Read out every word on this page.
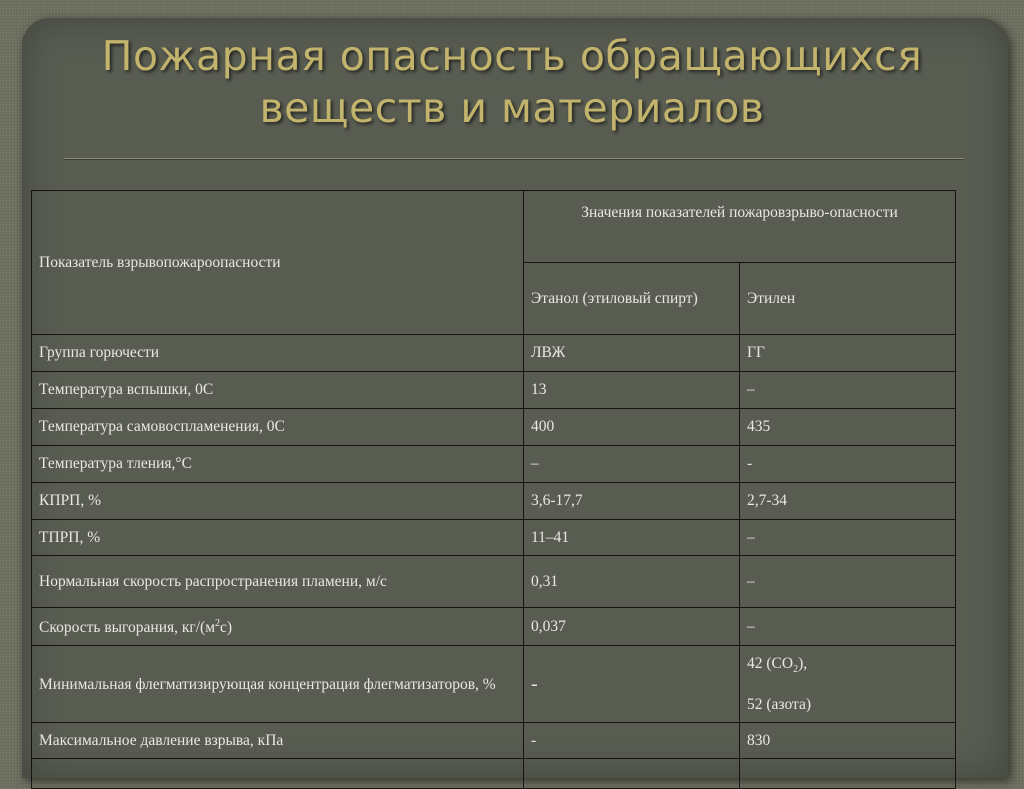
Пожарная опасность обращающихся
веществ и материалов
Показатель взрывопожароопасности	Значения показателей пожаровзрыво-опасности	
	Этанол (этиловый спирт)	Этилен
Группа горючести	ЛВЖ	ГГ
Температура вспышки, 0С	13	–
Температура самовоспламенения, 0С	400	435
Температура тления,°С	–	-
КПРП, %	3,6-17,7	2,7-34
ТПРП, %	11–41	–
Нормальная скорость распространения пламени, м/с	0,31	–
Скорость выгорания, $кг/(м^2с)$	0,037	–
Минимальная флегматизирующая концентрация флегматизаторов, %	-	42 $(CO_2)$,
52 (азота)

Максимальное давление взрыва, кПа	-	830
